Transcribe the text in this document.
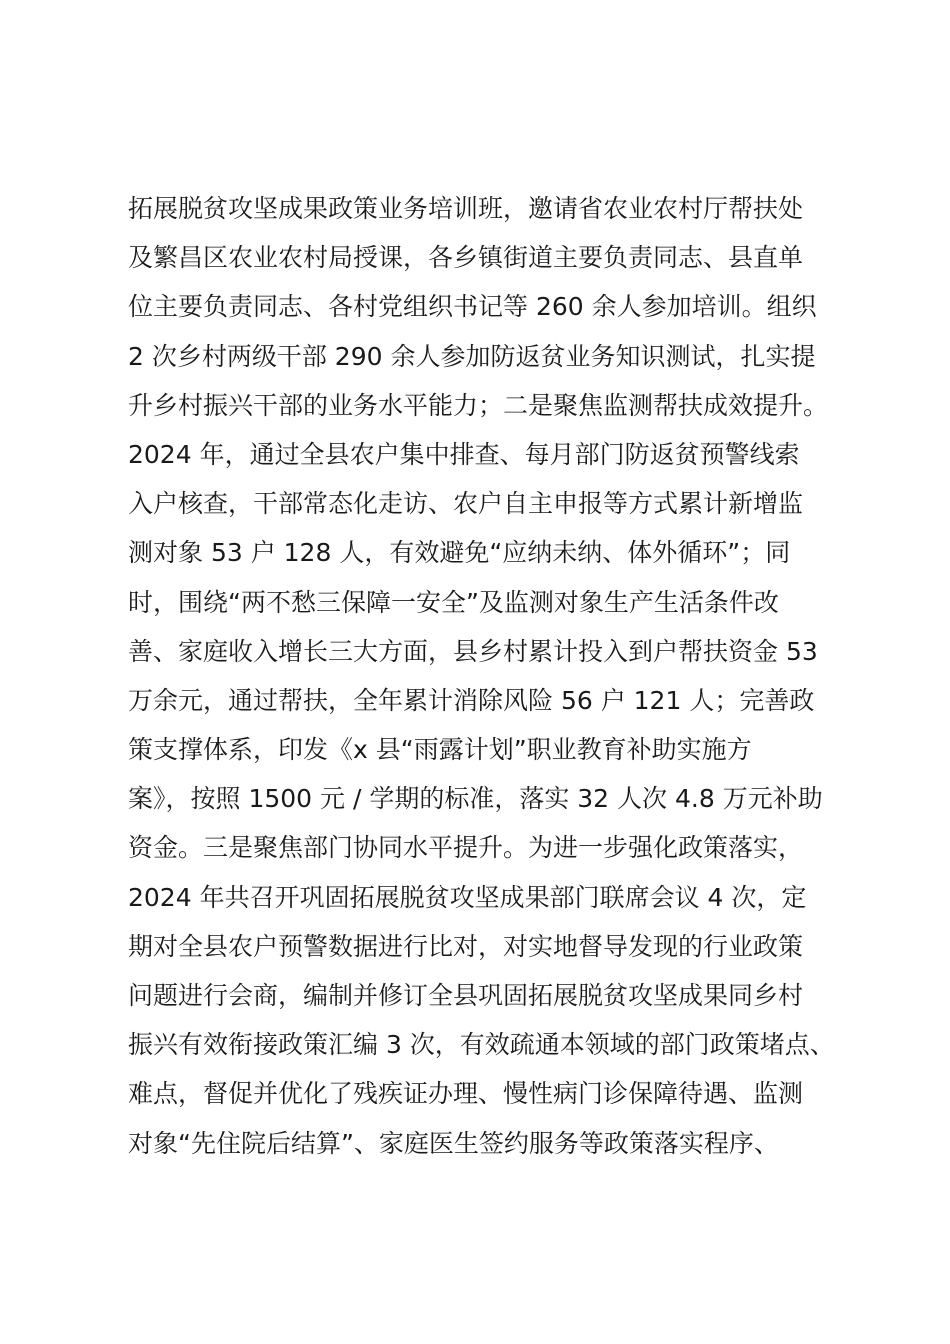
拓展脱贫攻坚成果政策业务培训班，邀请省农业农村厅帮扶处
及繁昌区农业农村局授课，各乡镇街道主要负责同志、县直单
位主要负责同志、各村党组织书记等 260 余人参加培训。组织
2 次乡村两级干部 290 余人参加防返贫业务知识测试，扎实提
升乡村振兴干部的业务水平能力；二是聚焦监测帮扶成效提升。
2024 年，通过全县农户集中排查、每月部门防返贫预警线索
入户核查，干部常态化走访、农户自主申报等方式累计新增监
测对象 53 户 128 人，有效避免“应纳未纳、体外循环”；同
时，围绕“两不愁三保障一安全”及监测对象生产生活条件改
善、家庭收入增长三大方面，县乡村累计投入到户帮扶资金 53
万余元，通过帮扶，全年累计消除风险 56 户 121 人；完善政
策支撑体系，印发《x 县“雨露计划”职业教育补助实施方
案》，按照 1500 元 / 学期的标准，落实 32 人次 4.8 万元补助
资金。三是聚焦部门协同水平提升。为进一步强化政策落实，
2024 年共召开巩固拓展脱贫攻坚成果部门联席会议 4 次，定
期对全县农户预警数据进行比对，对实地督导发现的行业政策
问题进行会商，编制并修订全县巩固拓展脱贫攻坚成果同乡村
振兴有效衔接政策汇编 3 次，有效疏通本领域的部门政策堵点、
难点，督促并优化了残疾证办理、慢性病门诊保障待遇、监测
对象“先住院后结算”、家庭医生签约服务等政策落实程序、
